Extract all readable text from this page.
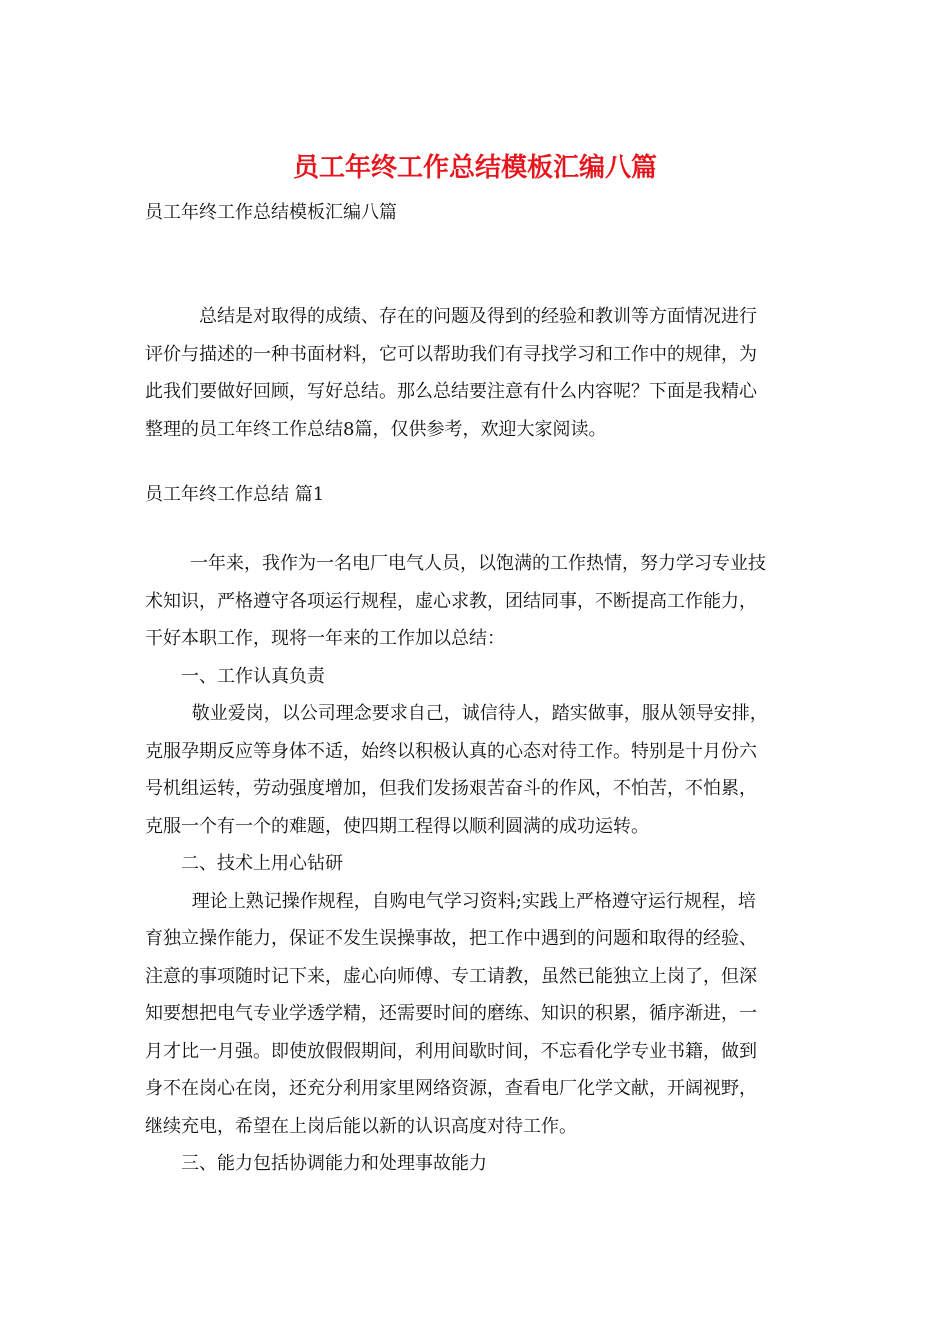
员工年终工作总结模板汇编八篇
员工年终工作总结模板汇编八篇

总结是对取得的成绩、存在的问题及得到的经验和教训等方面情况进行

评价与描述的一种书面材料，它可以帮助我们有寻找学习和工作中的规律，为

此我们要做好回顾，写好总结。那么总结要注意有什么内容呢？下面是我精心

整理的员工年终工作总结8篇，仅供参考，欢迎大家阅读。

员工年终工作总结 篇1

一年来，我作为一名电厂电气人员，以饱满的工作热情，努力学习专业技

术知识，严格遵守各项运行规程，虚心求教，团结同事，不断提高工作能力，

干好本职工作，现将一年来的工作加以总结：

一、工作认真负责

敬业爱岗，以公司理念要求自己，诚信待人，踏实做事，服从领导安排，

克服孕期反应等身体不适，始终以积极认真的心态对待工作。特别是十月份六

号机组运转，劳动强度增加，但我们发扬艰苦奋斗的作风，不怕苦，不怕累，

克服一个有一个的难题，使四期工程得以顺利圆满的成功运转。

二、技术上用心钻研

理论上熟记操作规程，自购电气学习资料;实践上严格遵守运行规程，培

育独立操作能力，保证不发生误操事故，把工作中遇到的问题和取得的经验、

注意的事项随时记下来，虚心向师傅、专工请教，虽然已能独立上岗了，但深

知要想把电气专业学透学精，还需要时间的磨练、知识的积累，循序渐进，一

月才比一月强。即使放假假期间，利用间歇时间，不忘看化学专业书籍，做到

身不在岗心在岗，还充分利用家里网络资源，查看电厂化学文献，开阔视野，

继续充电，希望在上岗后能以新的认识高度对待工作。

三、能力包括协调能力和处理事故能力
